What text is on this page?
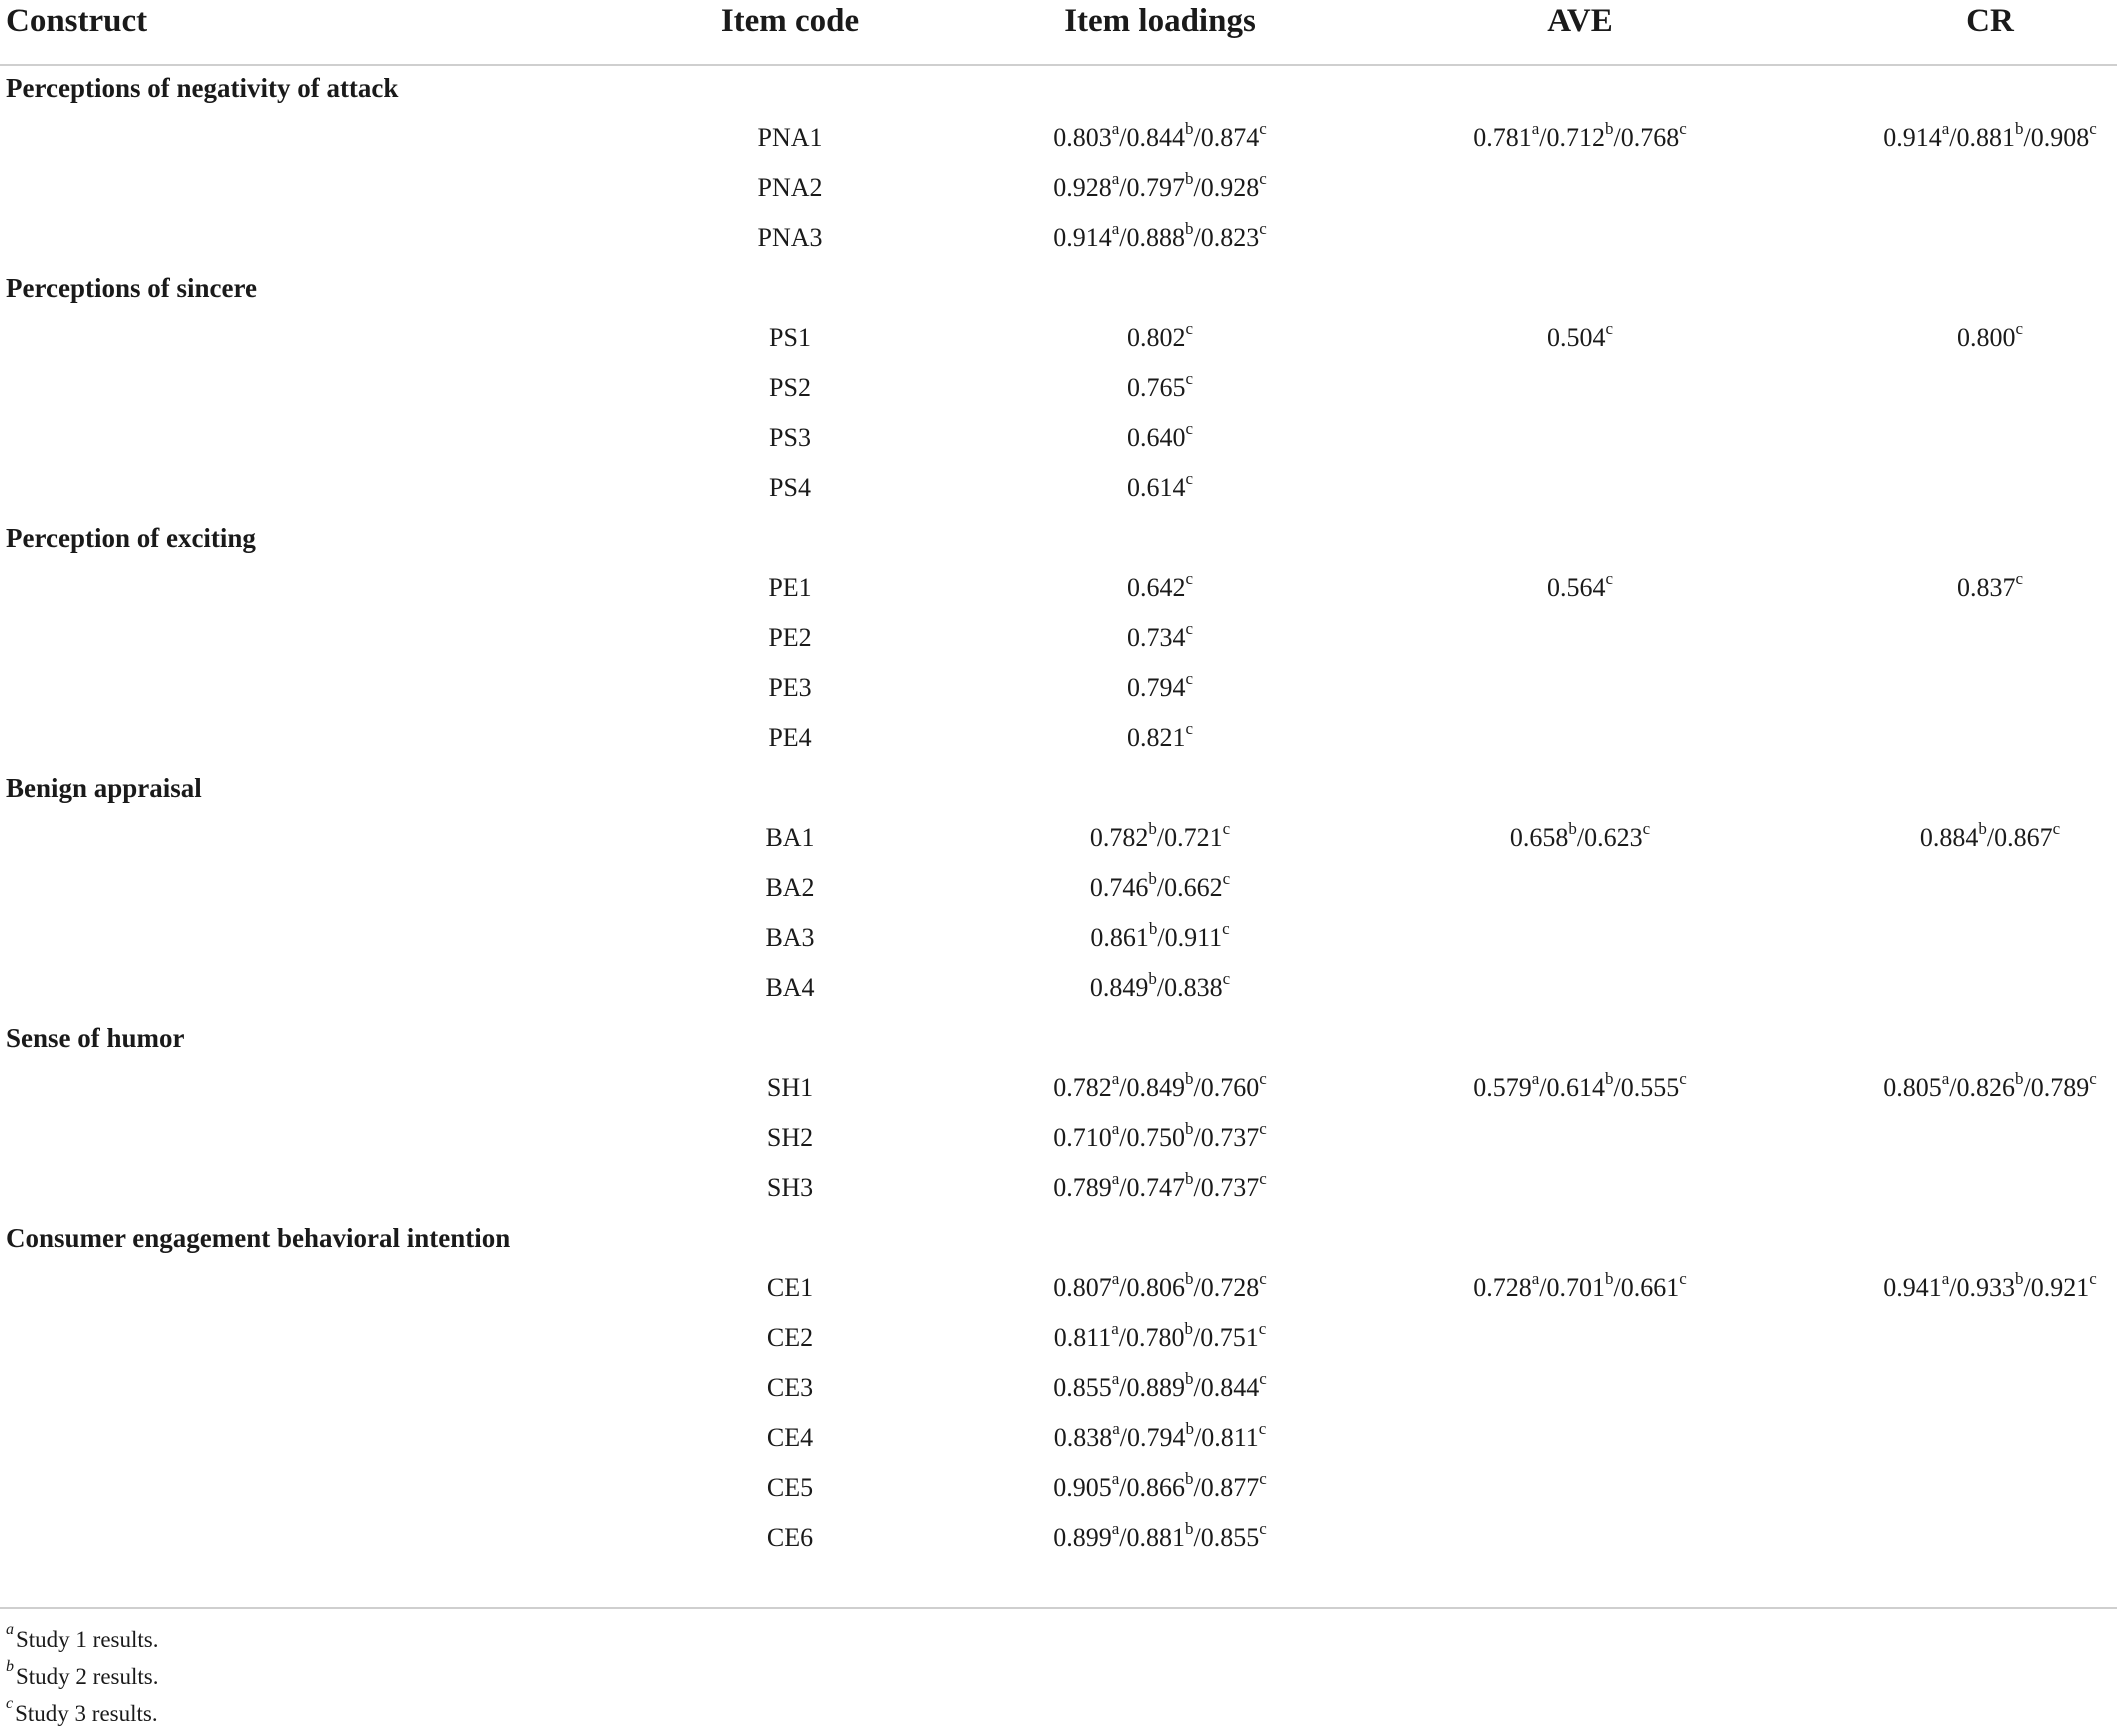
Construct	Item code	Item loadings	AVE	CR
Perceptions of negativity of attack
PNA1	0.803$^a$/0.844$^b$/0.874$^c$	0.781$^a$/0.712$^b$/0.768$^c$	0.914$^a$/0.881$^b$/0.908$^c$
PNA2	0.928$^a$/0.797$^b$/0.928$^c$
PNA3	0.914$^a$/0.888$^b$/0.823$^c$
Perceptions of sincere
PS1	0.802$^c$	0.504$^c$	0.800$^c$
PS2	0.765$^c$
PS3	0.640$^c$
PS4	0.614$^c$
Perception of exciting
PE1	0.642$^c$	0.564$^c$	0.837$^c$
PE2	0.734$^c$
PE3	0.794$^c$
PE4	0.821$^c$
Benign appraisal
BA1	0.782$^b$/0.721$^c$	0.658$^b$/0.623$^c$	0.884$^b$/0.867$^c$
BA2	0.746$^b$/0.662$^c$
BA3	0.861$^b$/0.911$^c$
BA4	0.849$^b$/0.838$^c$
Sense of humor
SH1	0.782$^a$/0.849$^b$/0.760$^c$	0.579$^a$/0.614$^b$/0.555$^c$	0.805$^a$/0.826$^b$/0.789$^c$
SH2	0.710$^a$/0.750$^b$/0.737$^c$
SH3	0.789$^a$/0.747$^b$/0.737$^c$
Consumer engagement behavioral intention
CE1	0.807$^a$/0.806$^b$/0.728$^c$	0.728$^a$/0.701$^b$/0.661$^c$	0.941$^a$/0.933$^b$/0.921$^c$
CE2	0.811$^a$/0.780$^b$/0.751$^c$
CE3	0.855$^a$/0.889$^b$/0.844$^c$
CE4	0.838$^a$/0.794$^b$/0.811$^c$
CE5	0.905$^a$/0.866$^b$/0.877$^c$
CE6	0.899$^a$/0.881$^b$/0.855$^c$
$^a$Study 1 results.
$^b$Study 2 results.
$^c$Study 3 results.
